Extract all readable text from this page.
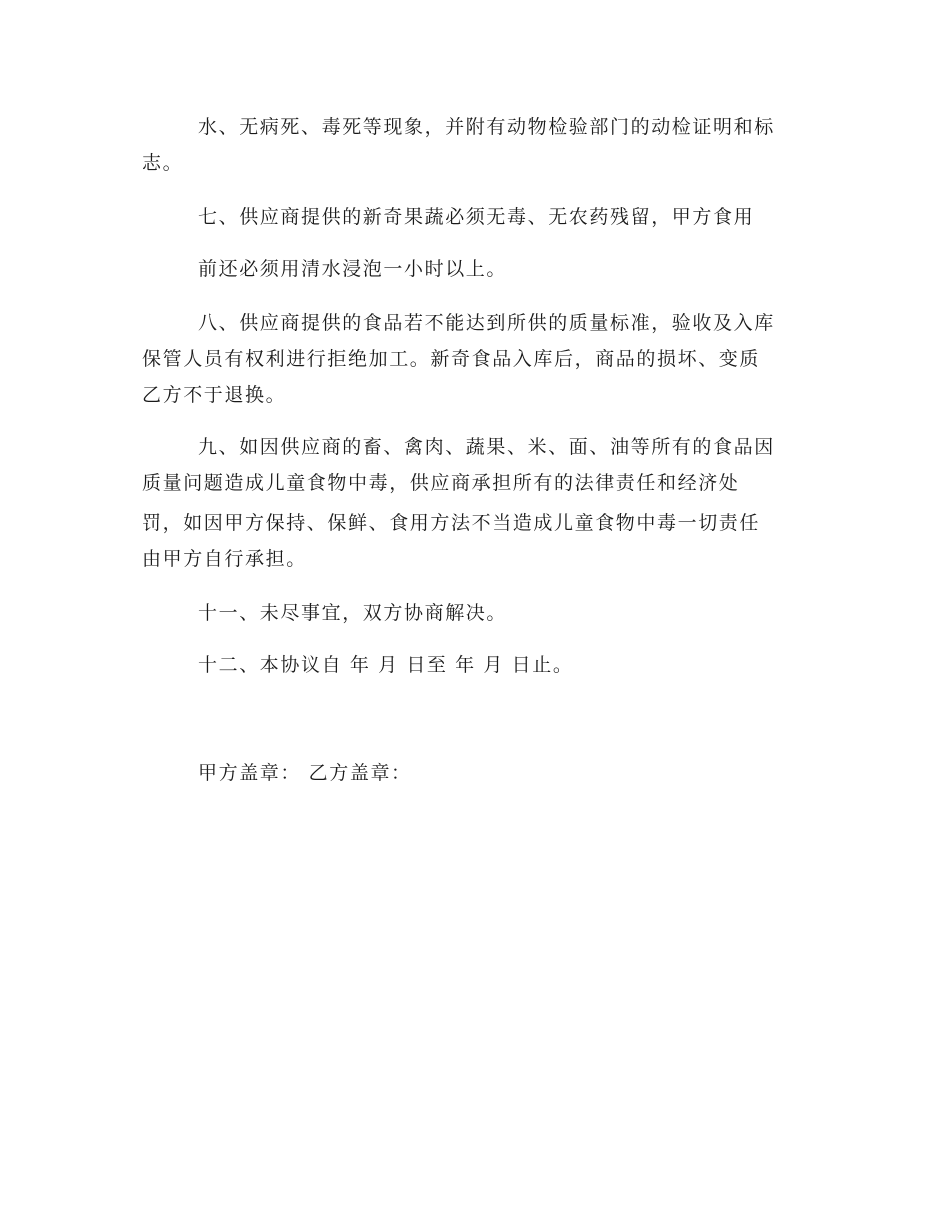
水、无病死、毒死等现象，并附有动物检验部门的动检证明和标
志。
七、供应商提供的新奇果蔬必须无毒、无农药残留，甲方食用
前还必须用清水浸泡一小时以上。
八、供应商提供的食品若不能达到所供的质量标准，验收及入库
保管人员有权利进行拒绝加工。新奇食品入库后，商品的损坏、变质
乙方不于退换。
九、如因供应商的畜、禽肉、蔬果、米、面、油等所有的食品因
质量问题造成儿童食物中毒，供应商承担所有的法律责任和经济处
罚，如因甲方保持、保鲜、食用方法不当造成儿童食物中毒一切责任
由甲方自行承担。
十一、未尽事宜，双方协商解决。
十二、本协议自 年 月 日至 年 月 日止。
甲方盖章： 乙方盖章：
